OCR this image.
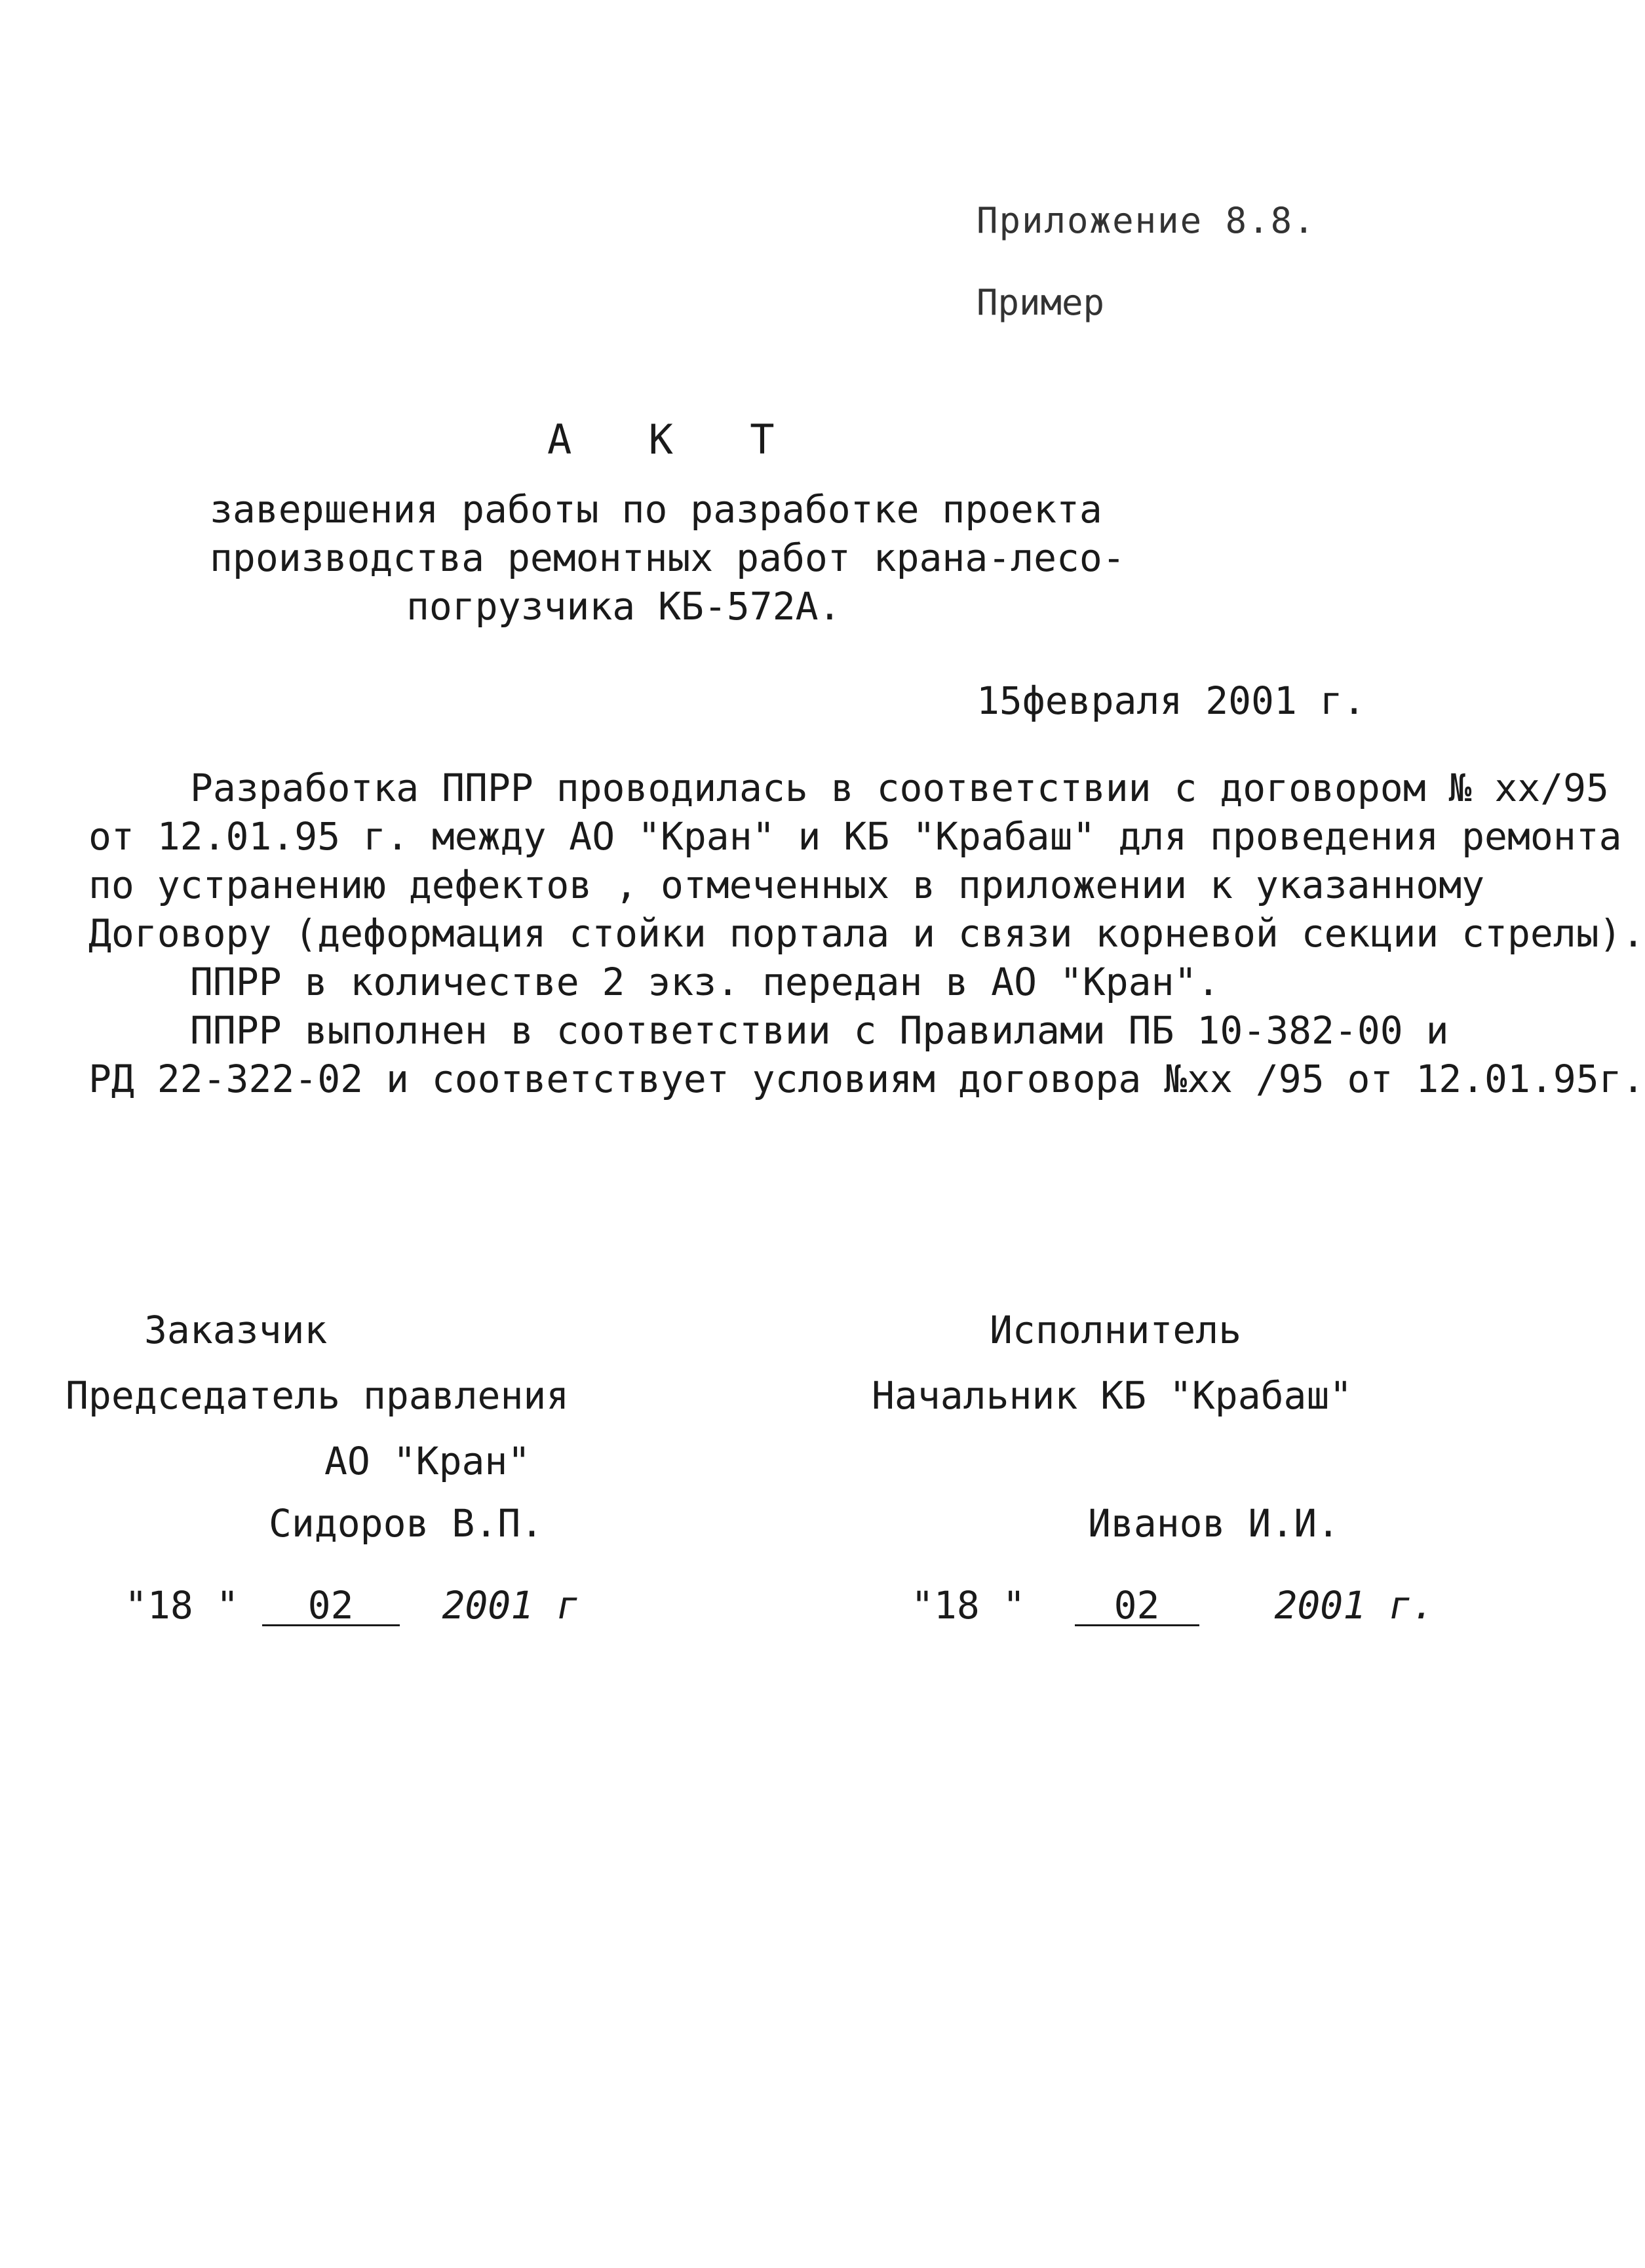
Приложение 8.8.
Пример
А К Т
завершения работы по разработке проекта
производства ремонтных работ крана-лесо-
погрузчика КБ-572А.
15февраля 2001 г.
Разработка ППРР проводилась в соответствии с договором № хх/95
от 12.01.95 г. между АО "Кран" и КБ "Крабаш" для проведения ремонта
по устранению дефектов , отмеченных в приложении к указанному
Договору (деформация стойки портала и связи корневой секции стрелы).
ППРР в количестве 2 экз. передан в АО "Кран".
ППРР выполнен в соответствии с Правилами ПБ 10-382-00 и
РД 22-322-02 и соответствует условиям договора №хх /95 от 12.01.95г.
Заказчик
Председатель правления
АО "Кран"
Сидоров В.П.
"18 " 02 2001 г
Исполнитель
Начальник КБ "Крабаш"
Иванов И.И.
"18 " 02	2001 г.
